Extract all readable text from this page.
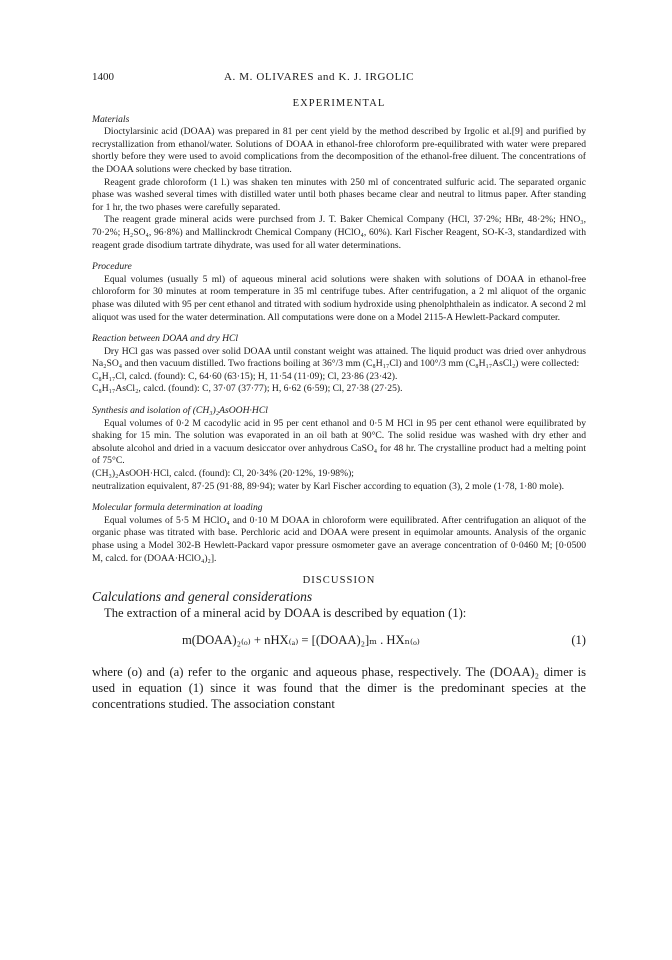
1400	A. M. OLIVARES and K. J. IRGOLIC
EXPERIMENTAL
Materials

Dioctylarsinic acid (DOAA) was prepared in 81 per cent yield by the method described by Irgolic et al.[9] and purified by recrystallization from ethanol/water. Solutions of DOAA in ethanol-free chloroform pre-equilibrated with water were prepared shortly before they were used to avoid complications from the decomposition of the ethanol-free diluent. The concentrations of the DOAA solutions were checked by base titration.

Reagent grade chloroform (1 l.) was shaken ten minutes with 250 ml of concentrated sulfuric acid. The separated organic phase was washed several times with distilled water until both phases became clear and neutral to litmus paper. After standing for 1 hr, the two phases were carefully separated.

The reagent grade mineral acids were purchsed from J. T. Baker Chemical Company (HCl, 37·2%; HBr, 48·2%; HNO₃, 70·2%; H₂SO₄, 96·8%) and Mallinckrodt Chemical Company (HClO₄, 60%). Karl Fischer Reagent, SO-K-3, standardized with reagent grade disodium tartrate dihydrate, was used for all water determinations.

Procedure

Equal volumes (usually 5 ml) of aqueous mineral acid solutions were shaken with solutions of DOAA in ethanol-free chloroform for 30 minutes at room temperature in 35 ml centrifuge tubes. After centrifugation, a 2 ml aliquot of the organic phase was diluted with 95 per cent ethanol and titrated with sodium hydroxide using phenolphthalein as indicator. A second 2 ml aliquot was used for the water determination. All computations were done on a Model 2115-A Hewlett-Packard computer.

Reaction between DOAA and dry HCl

Dry HCl gas was passed over solid DOAA until constant weight was attained. The liquid product was dried over anhydrous Na₂SO₄ and then vacuum distilled. Two fractions boiling at 36°/3 mm (C₈H₁₇Cl) and 100°/3 mm (C₈H₁₇AsCl₂) were collected:

C₈H₁₇Cl, calcd. (found): C, 64·60 (63·15); H, 11·54 (11·09); Cl, 23·86 (23·42).

C₈H₁₇AsCl₂, calcd. (found): C, 37·07 (37·77); H, 6·62 (6·59); Cl, 27·38 (27·25).

Synthesis and isolation of (CH₃)₂AsOOH·HCl

Equal volumes of 0·2 M cacodylic acid in 95 per cent ethanol and 0·5 M HCl in 95 per cent ethanol were equilibrated by shaking for 15 min. The solution was evaporated in an oil bath at 90°C. The solid residue was washed with dry ether and absolute alcohol and dried in a vacuum desiccator over anhydrous CaSO₄ for 48 hr. The crystalline product had a melting point of 75°C.

(CH₃)₂AsOOH·HCl, calcd. (found): Cl, 20·34% (20·12%, 19·98%);

neutralization equivalent, 87·25 (91·88, 89·94); water by Karl Fischer according to equation (3), 2 mole (1·78, 1·80 mole).

Molecular formula determination at loading

Equal volumes of 5·5 M HClO₄ and 0·10 M DOAA in chloroform were equilibrated. After centrifugation an aliquot of the organic phase was titrated with base. Perchloric acid and DOAA were present in equimolar amounts. Analysis of the organic phase using a Model 302-B Hewlett-Packard vapor pressure osmometer gave an average concentration of 0·0460 M; [0·0500 M, calcd. for (DOAA·HClO₄)₂].

DISCUSSION
Calculations and general considerations

The extraction of a mineral acid by DOAA is described by equation (1):

m(DOAA)₂₍ₒ₎ + nHX₍ₐ₎ = [(DOAA)₂]ₘ . HXₙ₍ₒ₎	(1)

where (o) and (a) refer to the organic and aqueous phase, respectively. The (DOAA)₂ dimer is used in equation (1) since it was found that the dimer is the predominant species at the concentrations studied. The association constant
